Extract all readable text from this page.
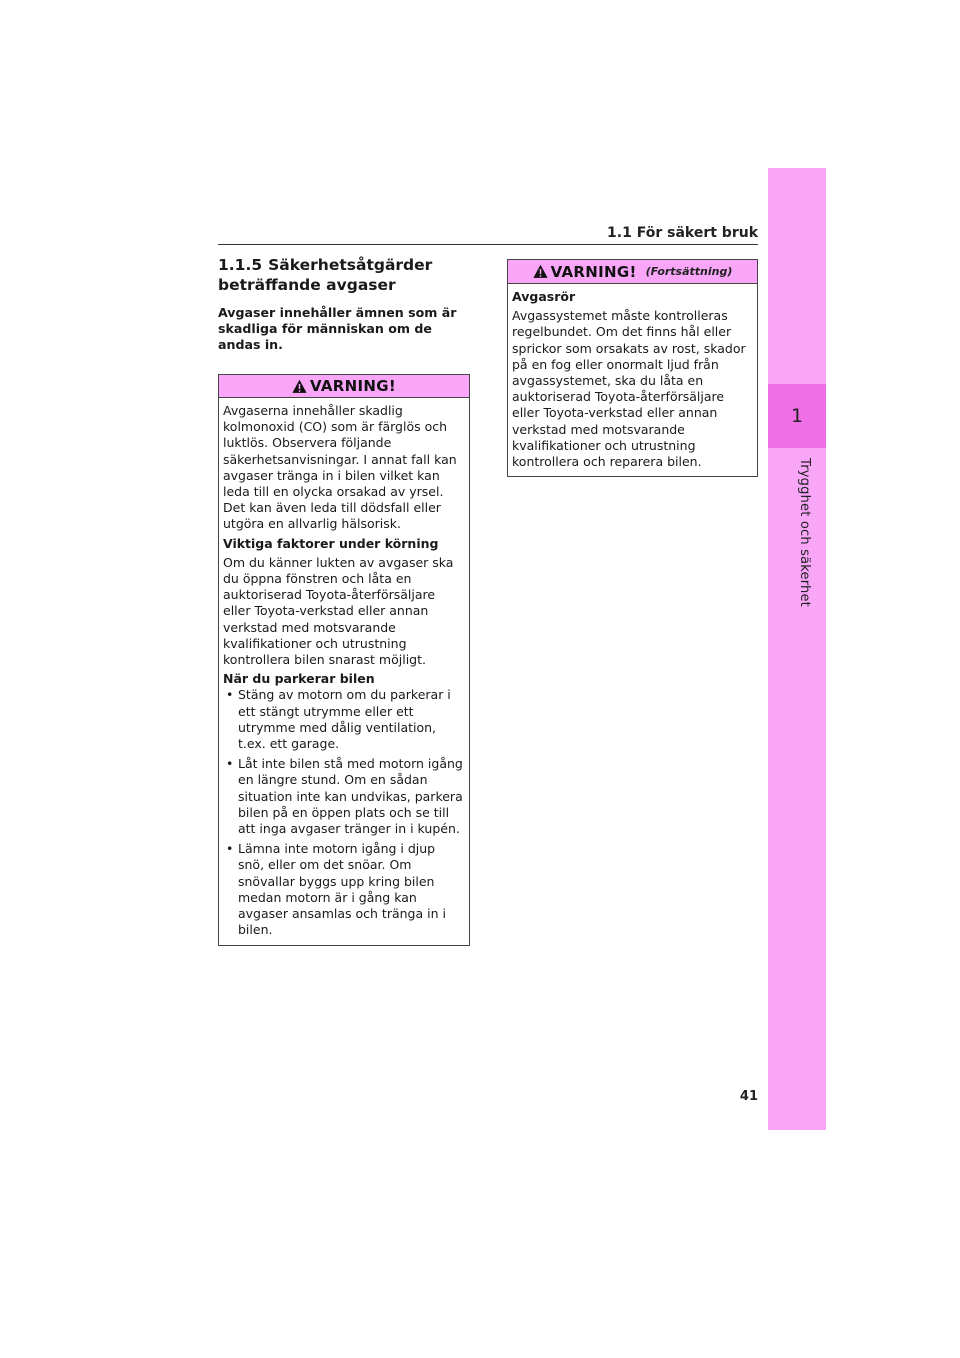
1
Trygghet och säkerhet
1.1 För säkert bruk
1.1.5 Säkerhetsåtgärder beträffande avgaser
Avgaser innehåller ämnen som är skadliga för människan om de andas in.
VARNING!

Avgaserna innehåller skadlig kolmonoxid (CO) som är färglös och luktlös. Observera följande säkerhetsanvisningar. I annat fall kan avgaser tränga in i bilen vilket kan leda till en olycka orsakad av yrsel. Det kan även leda till dödsfall eller utgöra en allvarlig hälsorisk.

Viktiga faktorer under körning

Om du känner lukten av avgaser ska du öppna fönstren och låta en auktoriserad Toyota-återförsäljare eller Toyota-verkstad eller annan verkstad med motsvarande kvalifikationer och utrustning kontrollera bilen snarast möjligt.

När du parkerar bilen

• Stäng av motorn om du parkerar i ett stängt utrymme eller ett utrymme med dålig ventilation, t.ex. ett garage.
• Låt inte bilen stå med motorn igång en längre stund. Om en sådan situation inte kan undvikas, parkera bilen på en öppen plats och se till att inga avgaser tränger in i kupén.
• Lämna inte motorn igång i djup snö, eller om det snöar. Om snövallar byggs upp kring bilen medan motorn är i gång kan avgaser ansamlas och tränga in i bilen.
VARNING! (Fortsättning)

Avgasrör

Avgassystemet måste kontrolleras regelbundet. Om det finns hål eller sprickor som orsakats av rost, skador på en fog eller onormalt ljud från avgassystemet, ska du låta en auktoriserad Toyota-återförsäljare eller Toyota-verkstad eller annan verkstad med motsvarande kvalifikationer och utrustning kontrollera och reparera bilen.

41
